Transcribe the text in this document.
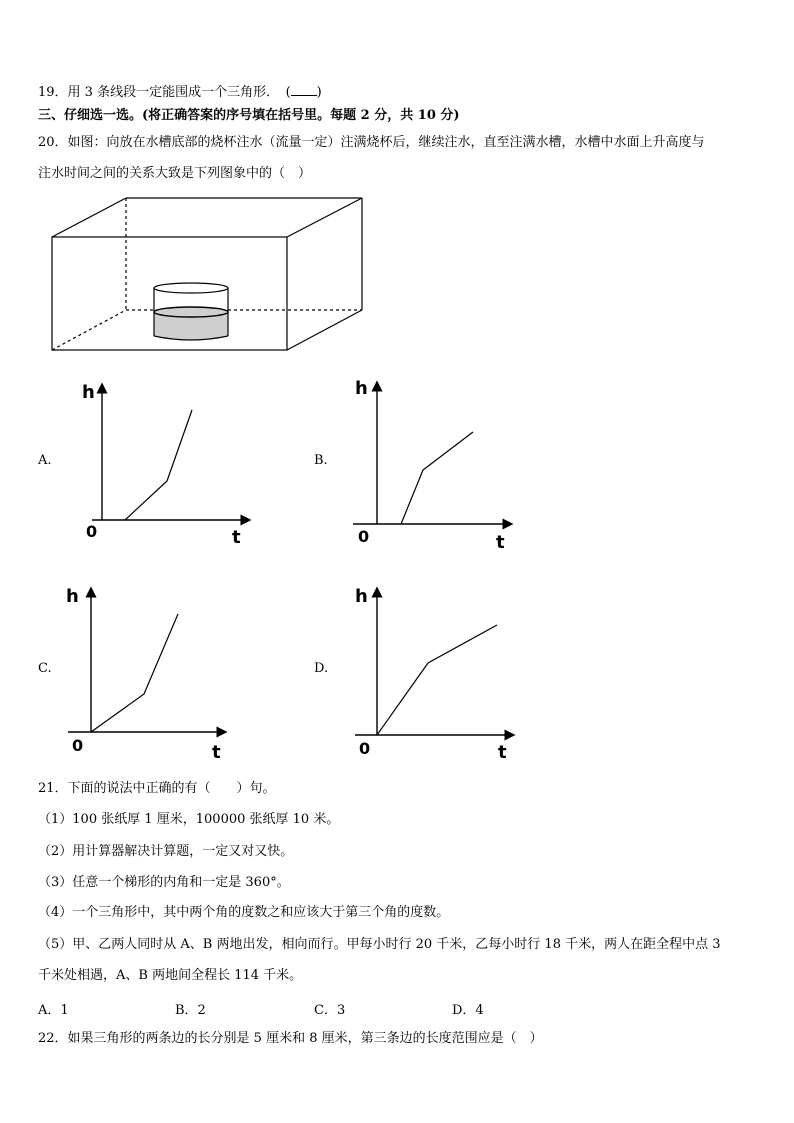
19．用 3 条线段一定能围成一个三角形．　( )
三、仔细选一选。(将正确答案的序号填在括号里。每题 2 分，共 10 分)
20．如图：向放在水槽底部的烧杯注水（流量一定）注满烧杯后，继续注水，直至注满水槽，水槽中水面上升高度与
注水时间之间的关系大致是下列图象中的（　）
A.	B.
C.	D.
h
t
0
h
t
0
h
t
0
h
t
0
21．下面的说法中正确的有（　　）句。
（1）100 张纸厚 1 厘米，100000 张纸厚 10 米。
（2）用计算器解决计算题，一定又对又快。
（3）任意一个梯形的内角和一定是 360°。
（4）一个三角形中，其中两个角的度数之和应该大于第三个角的度数。
（5）甲、乙两人同时从 A、B 两地出发，相向而行。甲每小时行 20 千米，乙每小时行 18 千米，两人在距全程中点 3
千米处相遇，A、B 两地间全程长 114 千米。
A．1	B．2	C．3	D．4
22．如果三角形的两条边的长分别是 5 厘米和 8 厘米，第三条边的长度范围应是（　）
